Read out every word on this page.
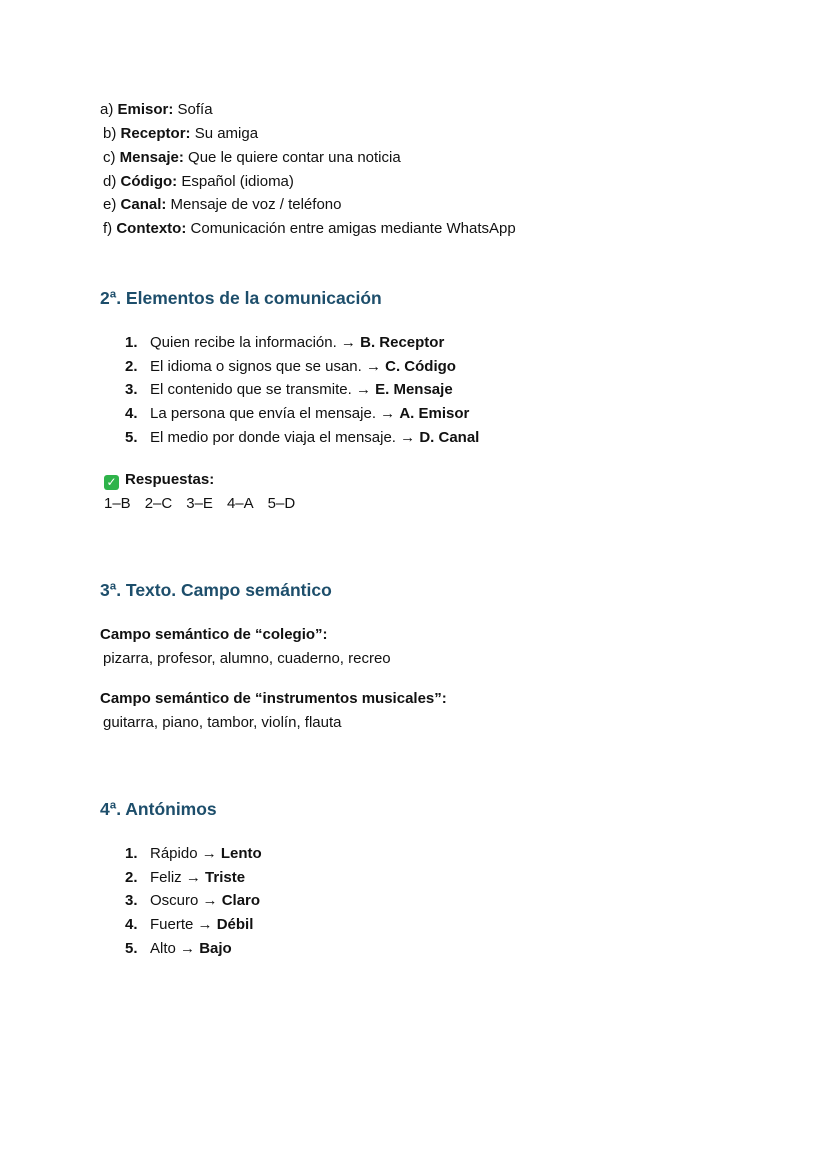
a) Emisor: Sofía
b) Receptor: Su amiga
c) Mensaje: Que le quiere contar una noticia
d) Código: Español (idioma)
e) Canal: Mensaje de voz / teléfono
f) Contexto: Comunicación entre amigas mediante WhatsApp
2ª. Elementos de la comunicación
1. Quien recibe la información. → B. Receptor
2. El idioma o signos que se usan. → C. Código
3. El contenido que se transmite. → E. Mensaje
4. La persona que envía el mensaje. → A. Emisor
5. El medio por donde viaja el mensaje. → D. Canal
✓ Respuestas:
1–B 2–C 3–E 4–A 5–D
3ª. Texto. Campo semántico
Campo semántico de “colegio”:
pizarra, profesor, alumno, cuaderno, recreo
Campo semántico de “instrumentos musicales”:
guitarra, piano, tambor, violín, flauta
4ª. Antónimos
1. Rápido → Lento
2. Feliz → Triste
3. Oscuro → Claro
4. Fuerte → Débil
5. Alto → Bajo
